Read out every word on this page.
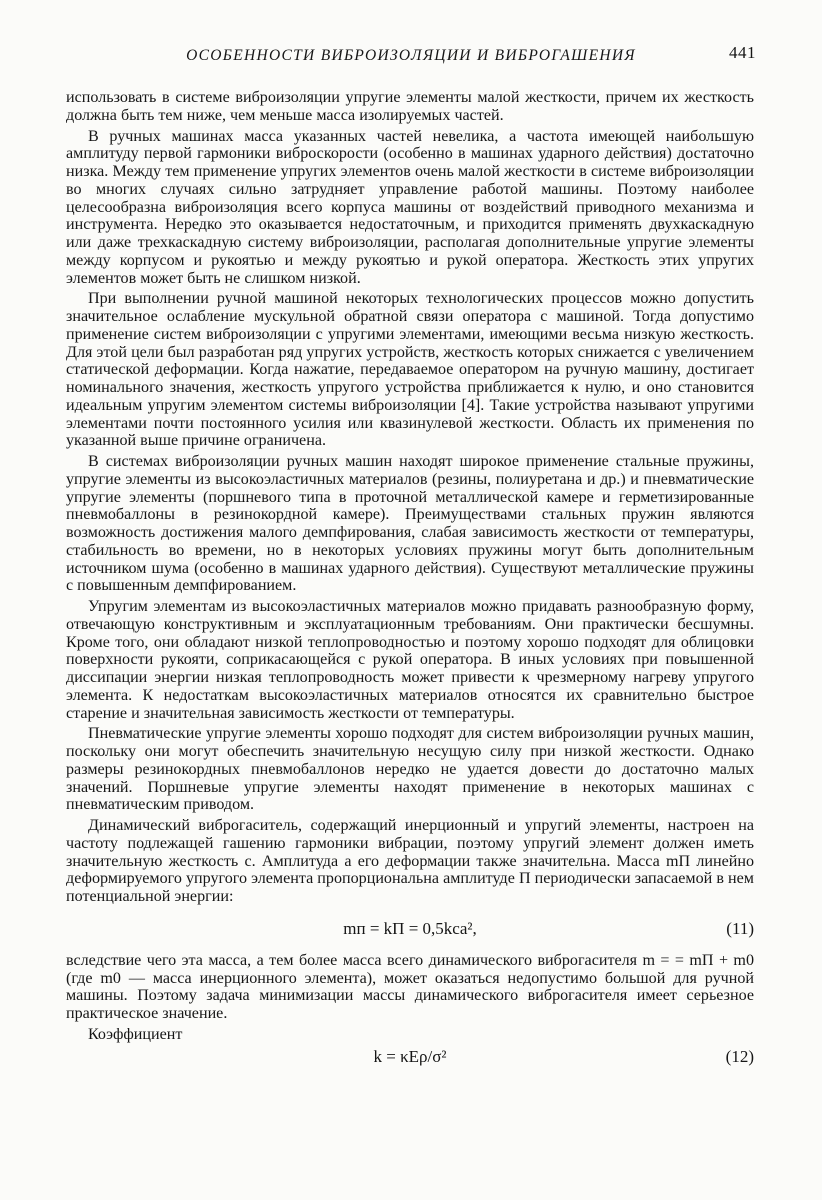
ОСОБЕННОСТИ ВИБРОИЗОЛЯЦИИ И ВИБРОГАШЕНИЯ	441

использовать в системе виброизоляции упругие элементы малой жесткости, причем их жесткость должна быть тем ниже, чем меньше масса изолируемых частей.

В ручных машинах масса указанных частей невелика, а частота имеющей наибольшую амплитуду первой гармоники виброскорости (особенно в машинах ударного действия) достаточно низка. Между тем применение упругих элементов очень малой жесткости в системе виброизоляции во многих случаях сильно затрудняет управление работой машины. Поэтому наиболее целесообразна виброизоляция всего корпуса машины от воздействий приводного механизма и инструмента. Нередко это оказывается недостаточным, и приходится применять двухкаскадную или даже трехкаскадную систему виброизоляции, располагая дополнительные упругие элементы между корпусом и рукоятью и между рукоятью и рукой оператора. Жесткость этих упругих элементов может быть не слишком низкой.

При выполнении ручной машиной некоторых технологических процессов можно допустить значительное ослабление мускульной обратной связи оператора с машиной. Тогда допустимо применение систем виброизоляции с упругими элементами, имеющими весьма низкую жесткость. Для этой цели был разработан ряд упругих устройств, жесткость которых снижается с увеличением статической деформации. Когда нажатие, передаваемое оператором на ручную машину, достигает номинального значения, жесткость упругого устройства приближается к нулю, и оно становится идеальным упругим элементом системы виброизоляции [4]. Такие устройства называют упругими элементами почти постоянного усилия или квазинулевой жесткости. Область их применения по указанной выше причине ограничена.

В системах виброизоляции ручных машин находят широкое применение стальные пружины, упругие элементы из высокоэластичных материалов (резины, полиуретана и др.) и пневматические упругие элементы (поршневого типа в проточной металлической камере и герметизированные пневмобаллоны в резинокордной камере). Преимуществами стальных пружин являются возможность достижения малого демпфирования, слабая зависимость жесткости от температуры, стабильность во времени, но в некоторых условиях пружины могут быть дополнительным источником шума (особенно в машинах ударного действия). Существуют металлические пружины с повышенным демпфированием.

Упругим элементам из высокоэластичных материалов можно придавать разнообразную форму, отвечающую конструктивным и эксплуатационным требованиям. Они практически бесшумны. Кроме того, они обладают низкой теплопроводностью и поэтому хорошо подходят для облицовки поверхности рукояти, соприкасающейся с рукой оператора. В иных условиях при повышенной диссипации энергии низкая теплопроводность может привести к чрезмерному нагреву упругого элемента. К недостаткам высокоэластичных материалов относятся их сравнительно быстрое старение и значительная зависимость жесткости от температуры.

Пневматические упругие элементы хорошо подходят для систем виброизоляции ручных машин, поскольку они могут обеспечить значительную несущую силу при низкой жесткости. Однако размеры резинокордных пневмобаллонов нередко не удается довести до достаточно малых значений. Поршневые упругие элементы находят применение в некоторых машинах с пневматическим приводом.

Динамический виброгаситель, содержащий инерционный и упругий элементы, настроен на частоту подлежащей гашению гармоники вибрации, поэтому упругий элемент должен иметь значительную жесткость c. Амплитуда a его деформации также значительна. Масса mП линейно деформируемого упругого элемента пропорциональна амплитуде П периодически запасаемой в нем потенциальной энергии:

mп = kП = 0,5kca²,	(11)

вследствие чего эта масса, а тем более масса всего динамического виброгасителя m = = mП + m0 (где m0 — масса инерционного элемента), может оказаться недопустимо большой для ручной машины. Поэтому задача минимизации массы динамического виброгасителя имеет серьезное практическое значение.

Коэффициент

k = κEρ/σ²	(12)
